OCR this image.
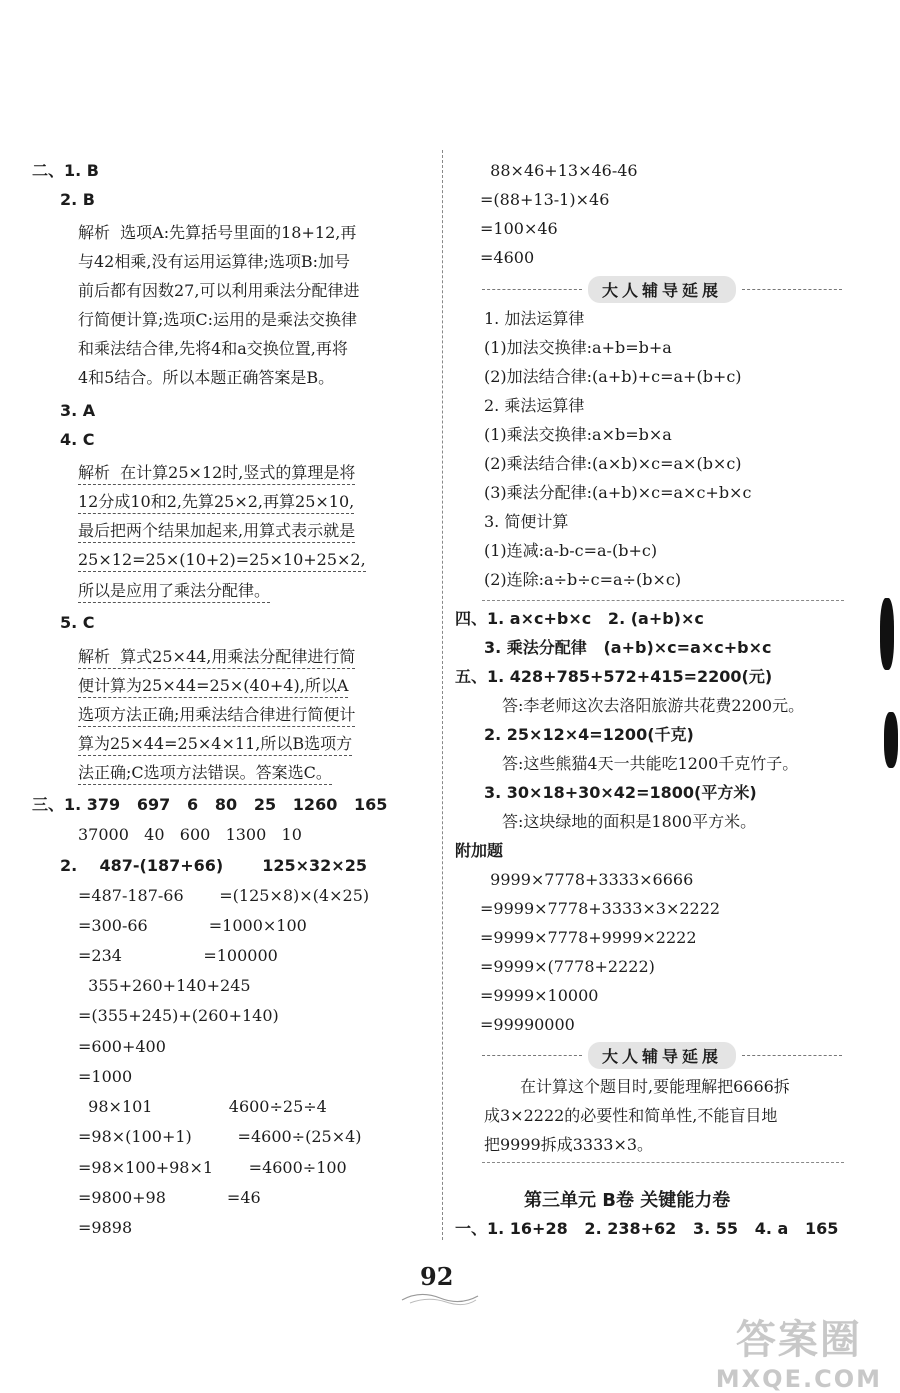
二、1. B
2. B
解析  选项A:先算括号里面的18+12,再
与42相乘,没有运用运算律;选项B:加号
前后都有因数27,可以利用乘法分配律进
行简便计算;选项C:运用的是乘法交换律
和乘法结合律,先将4和a交换位置,再将
4和5结合。所以本题正确答案是B。
3. A
4. C
解析  在计算25×12时,竖式的算理是将
12分成10和2,先算25×2,再算25×10,
最后把两个结果加起来,用算式表示就是
25×12=25×(10+2)=25×10+25×2,
所以是应用了乘法分配律。
5. C
解析  算式25×44,用乘法分配律进行简
便计算为25×44=25×(40+4),所以A
选项方法正确;用乘法结合律进行简便计
算为25×44=25×4×11,所以B选项方
法正确;C选项方法错误。答案选C。
三、1. 379   697   6   80   25   1260   165
37000   40   600   1300   10
2.    487-(187+66)       125×32×25
=487-187-66       =(125×8)×(4×25)
=300-66            =1000×100
=234                =100000
355+260+140+245
=(355+245)+(260+140)
=600+400
=1000
98×101               4600÷25÷4
=98×(100+1)         =4600÷(25×4)
=98×100+98×1       =4600÷100
=9800+98            =46
=9898
88×46+13×46-46
=(88+13-1)×46
=100×46
=4600
1. 加法运算律
(1)加法交换律:a+b=b+a
(2)加法结合律:(a+b)+c=a+(b+c)
2. 乘法运算律
(1)乘法交换律:a×b=b×a
(2)乘法结合律:(a×b)×c=a×(b×c)
(3)乘法分配律:(a+b)×c=a×c+b×c
3. 简便计算
(1)连减:a-b-c=a-(b+c)
(2)连除:a÷b÷c=a÷(b×c)
四、1. a×c+b×c   2. (a+b)×c
3. 乘法分配律   (a+b)×c=a×c+b×c
五、1. 428+785+572+415=2200(元)
答:李老师这次去洛阳旅游共花费2200元。
2. 25×12×4=1200(千克)
答:这些熊猫4天一共能吃1200千克竹子。
3. 30×18+30×42=1800(平方米)
答:这块绿地的面积是1800平方米。
附加题
9999×7778+3333×6666
=9999×7778+3333×3×2222
=9999×7778+9999×2222
=9999×(7778+2222)
=9999×10000
=99990000
在计算这个题目时,要能理解把6666拆
成3×2222的必要性和简单性,不能盲目地
把9999拆成3333×3。
一、1. 16+28   2. 238+62   3. 55   4. a   165
大人辅导延展
大人辅导延展
第三单元 B卷 关键能力卷
92
答案圈
MXQE.COM
